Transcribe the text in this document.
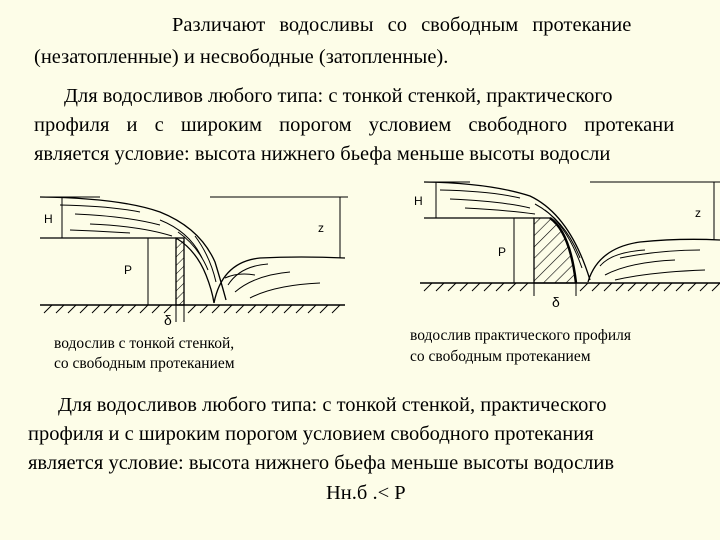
Различают водосливы со свободным протекание
(незатопленные) и несвободные (затопленные).
Для водосливов любого типа: с тонкой стенкой, практического
профиля и с широким порогом условием свободного протекани
является условие: высота нижнего бьефа меньше высоты водосли
H
z
P
δ
водослив с тонкой стенкой,
со свободным протеканием
H
z
P
δ
водослив практического профиля
со свободным протеканием
Для водосливов любого типа: с тонкой стенкой, практического
профиля и с широким порогом условием свободного протекания
является условие: высота нижнего бьефа меньше высоты водослив
Нн.б .< Р
